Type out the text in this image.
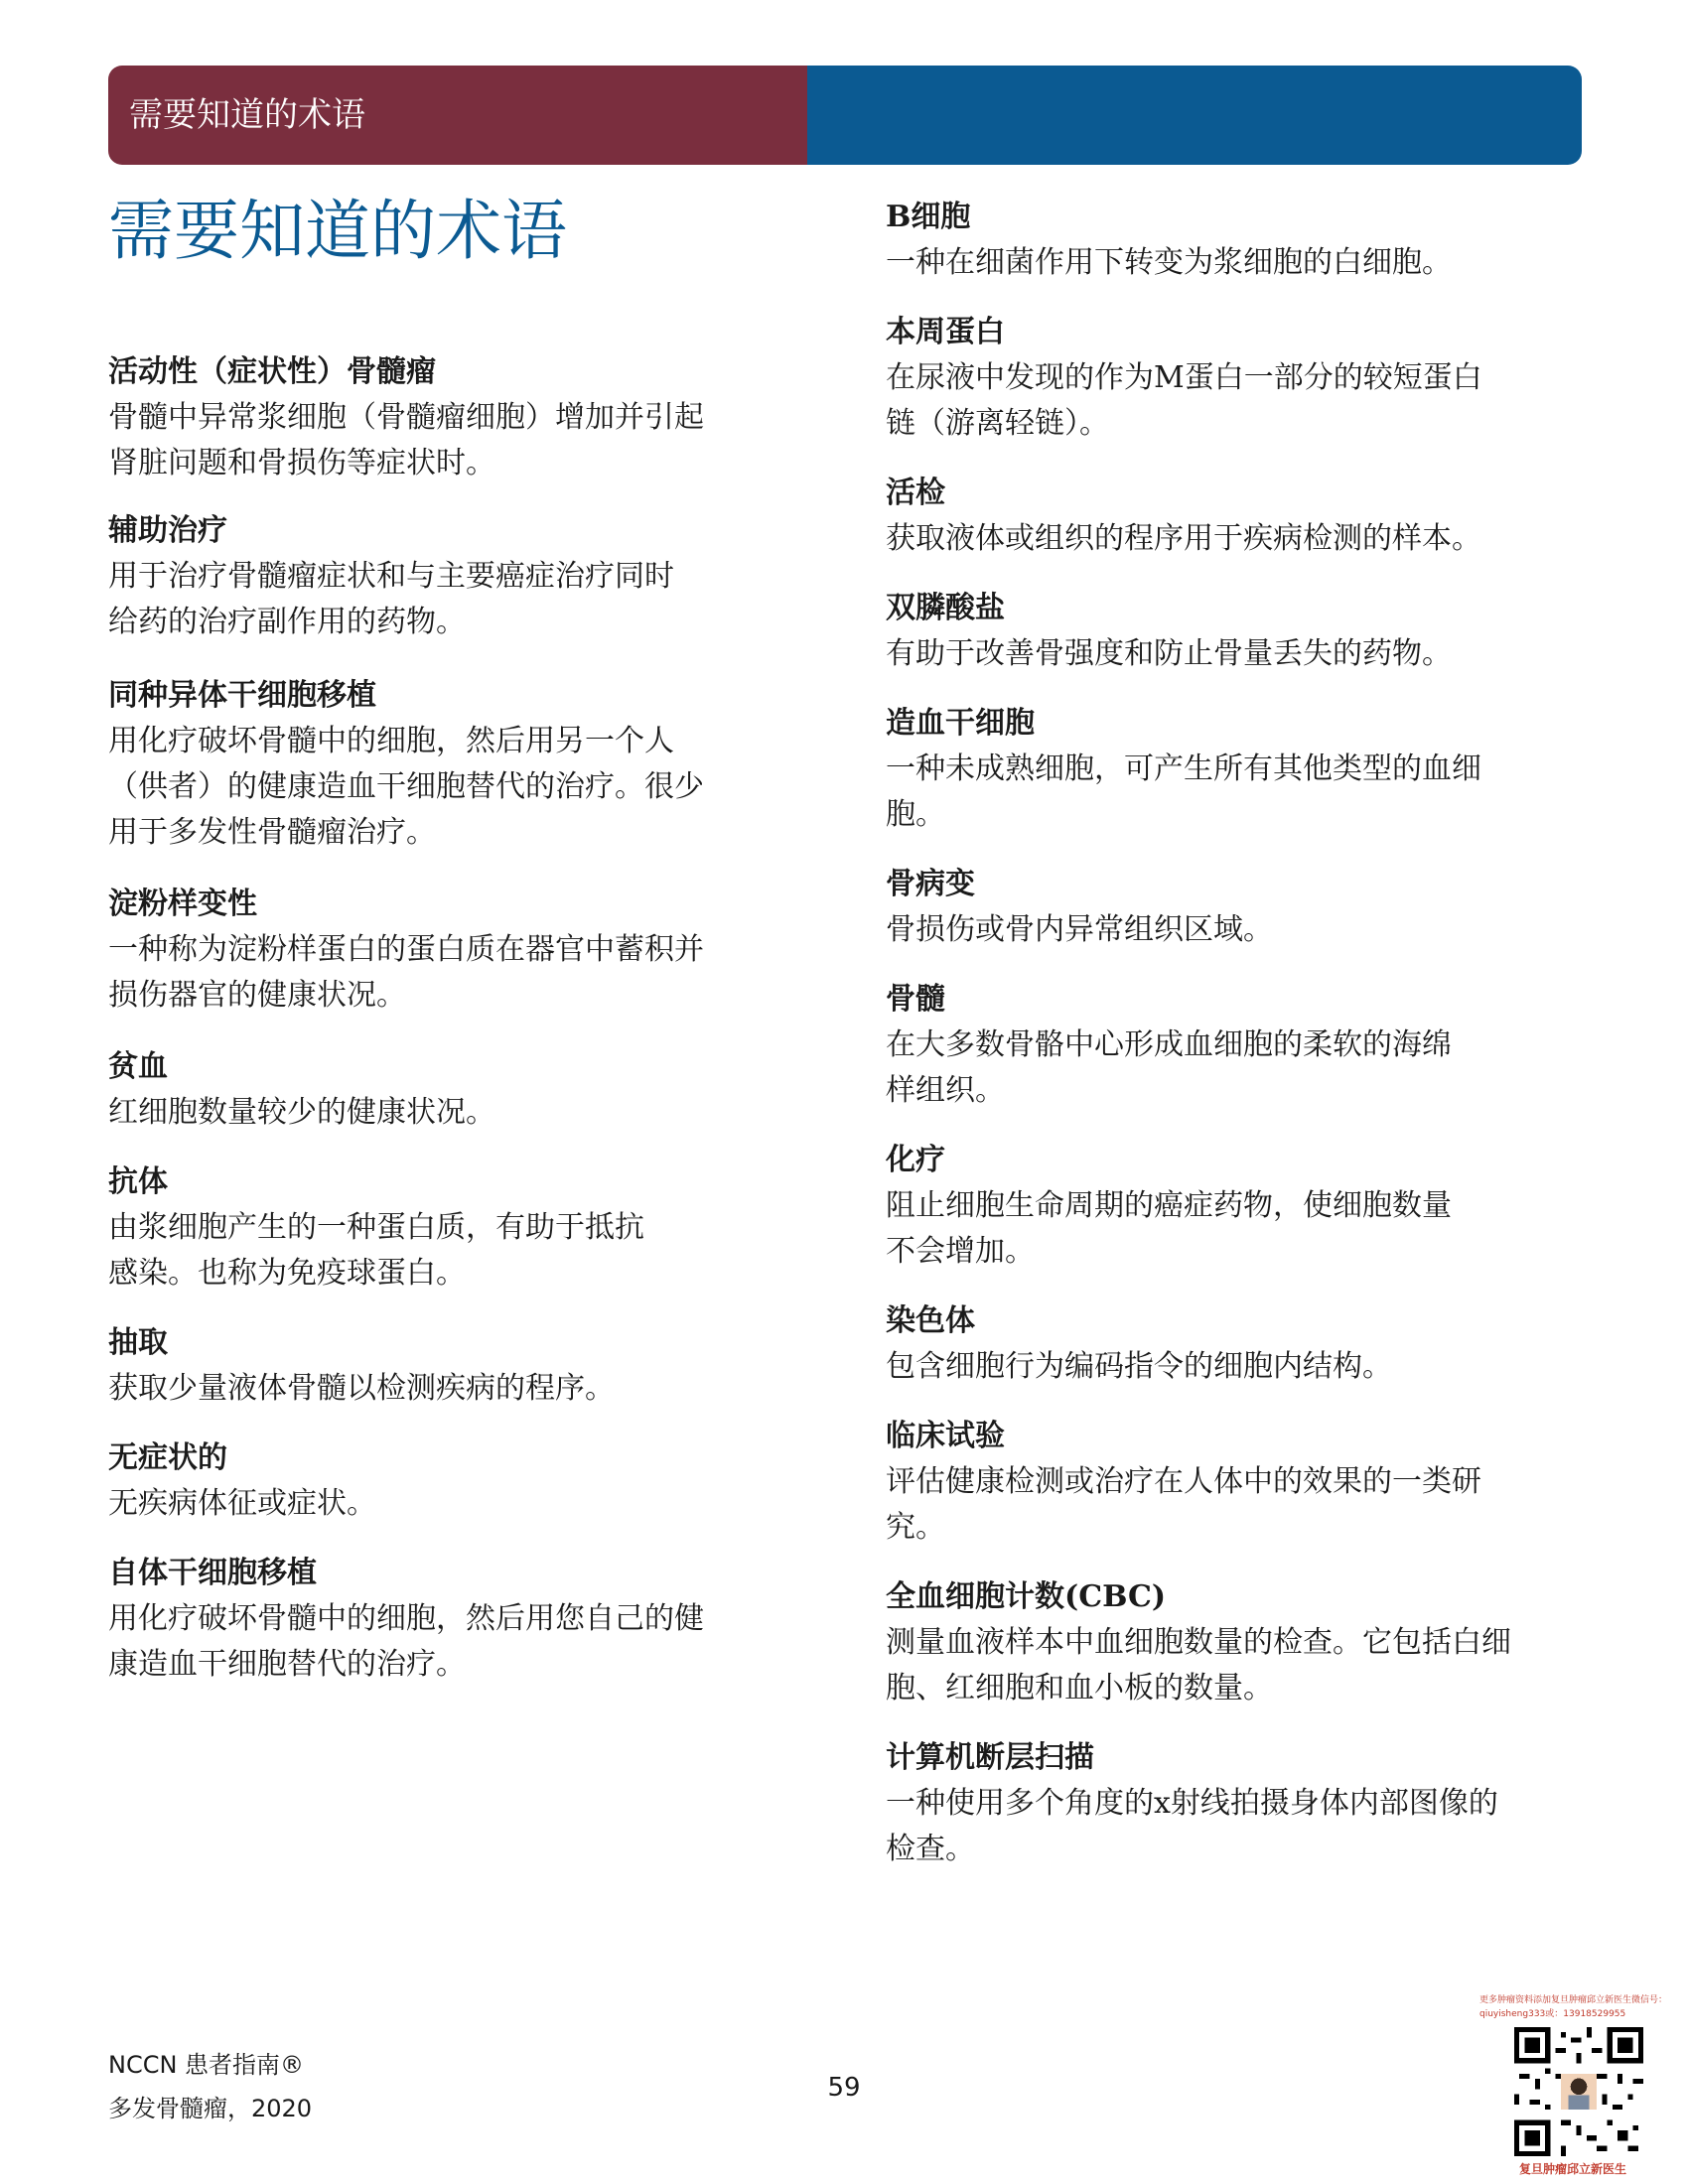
需要知道的术语
需要知道的术语

活动性（症状性）骨髓瘤

骨髓中异常浆细胞（骨髓瘤细胞）增加并引起
肾脏问题和骨损伤等症状时。

辅助治疗

用于治疗骨髓瘤症状和与主要癌症治疗同时
给药的治疗副作用的药物。

同种异体干细胞移植

用化疗破坏骨髓中的细胞，然后用另一个人
（供者）的健康造血干细胞替代的治疗。很少
用于多发性骨髓瘤治疗。

淀粉样变性

一种称为淀粉样蛋白的蛋白质在器官中蓄积并
损伤器官的健康状况。

贫血

红细胞数量较少的健康状况。

抗体

由浆细胞产生的一种蛋白质，有助于抵抗
感染。也称为免疫球蛋白。

抽取

获取少量液体骨髓以检测疾病的程序。

无症状的

无疾病体征或症状。

自体干细胞移植

用化疗破坏骨髓中的细胞，然后用您自己的健
康造血干细胞替代的治疗。

B细胞

一种在细菌作用下转变为浆细胞的白细胞。

本周蛋白

在尿液中发现的作为M蛋白一部分的较短蛋白
链（游离轻链）。

活检

获取液体或组织的程序用于疾病检测的样本。

双膦酸盐

有助于改善骨强度和防止骨量丢失的药物。

造血干细胞

一种未成熟细胞，可产生所有其他类型的血细
胞。

骨病变

骨损伤或骨内异常组织区域。

骨髓

在大多数骨骼中心形成血细胞的柔软的海绵
样组织。

化疗

阻止细胞生命周期的癌症药物，使细胞数量
不会增加。

染色体

包含细胞行为编码指令的细胞内结构。

临床试验

评估健康检测或治疗在人体中的效果的一类研
究。

全血细胞计数(CBC)

测量血液样本中血细胞数量的检查。它包括白细
胞、红细胞和血小板的数量。

计算机断层扫描

一种使用多个角度的x射线拍摄身体内部图像的
检查。

NCCN 患者指南®
多发骨髓瘤，2020
59
更多肿瘤资料添加复旦肿瘤邱立新医生微信号：qiuyisheng333或：13918529955
复旦肿瘤邱立新医生
